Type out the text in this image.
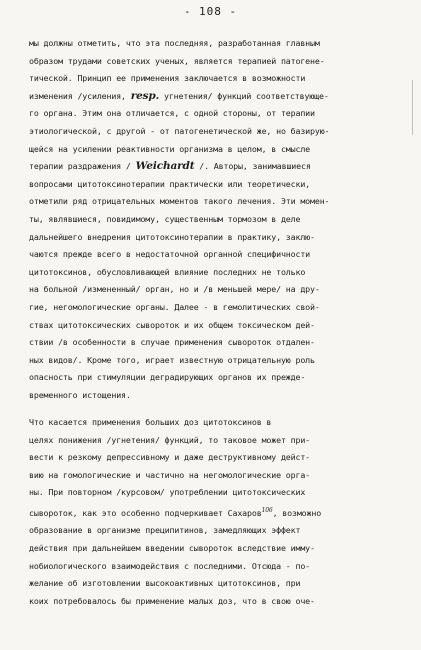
- 108 -
мы должны отметить, что эта последняя, разработанная главным
образом трудами советских ученых, является терапией патогене-
тической. Принцип ее применения заключается в возможности
изменения /усиления, resp. угнетения/ функций соответствующе-
го органа. Этим она отличается, с одной стороны, от терапии
этиологической, с другой - от патогенетической же, но базирую-
щейся на усилении реактивности организма в целом, в смысле
терапии раздражения / Weichardt /. Авторы, занимавшиеся
вопросами цитотоксинотерапии практически или теоретически,
отметили ряд отрицательных моментов такого лечения. Эти момен-
ты, являвшиеся, повидимому, существенным тормозом в деле
дальнейшего внедрения цитотоксинотерапии в практику, заклю-
чаются прежде всего в недостаточной органной специфичности
цитотоксинов, обусловливающей влияние последних не только
на больной /измененный/ орган, но и /в меньшей мере/ на дру-
гие, негомологические органы. Далее - в гемолитических свой-
ствах цитотоксических сывороток и их общем токсическом дей-
ствии /в особенности в случае применения сывороток отдален-
ных видов/. Кроме того, играет известную отрицательную роль
опасность при стимуляции деградирующих органов их прежде-
временного истощения.
Что касается применения больших доз цитотоксинов в
целях понижения /угнетения/ функций, то таковое может при-
вести к резкому депрессивному и даже деструктивному дейст-
вию на гомологические и частично на негомологические орга-
ны. При повторном /курсовом/ употреблении цитотоксических
сывороток, как это особенно подчеркивает Сахаров$^{106}$, возможно
образование в организме преципитинов, замедляющих эффект
действия при дальнейшем введении сывороток вследствие имму-
нобиологического взаимодействия с последними. Отсюда - по-
желание об изготовлении высокоактивных цитотоксинов, при
коих потребовалось бы применение малых доз, что в свою оче-
